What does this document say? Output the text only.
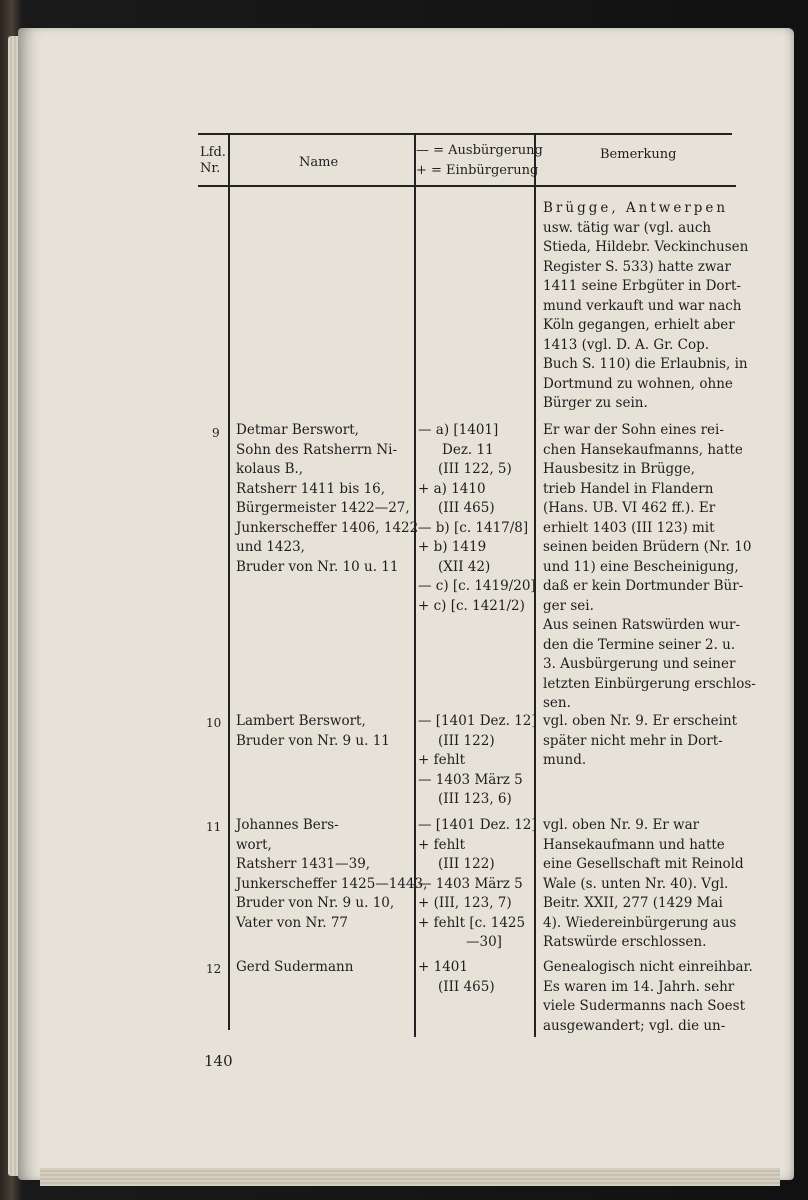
Lfd.
Nr.	Name
— = Ausbürgerung
+ = Einbürgerung
Bemerkung
Brügge, Antwerpen
usw. tätig war (vgl. auch
Stieda, Hildebr. Veckinchusen
Register S. 533) hatte zwar
1411 seine Erbgüter in Dort-
mund verkauft und war nach
Köln gegangen, erhielt aber
1413 (vgl. D. A. Gr. Cop.
Buch S. 110) die Erlaubnis, in
Dortmund zu wohnen, ohne
Bürger zu sein.
9 Detmar Berswort,
Sohn des Ratsherrn Ni-
kolaus B.,
Ratsherr 1411 bis 16,
Bürgermeister 1422—27,
Junkerscheffer 1406, 1422
und 1423,
Bruder von Nr. 10 u. 11
— a) [1401]
Dez. 11
(III 122, 5)
+ a) 1410
(III 465)
— b) [c. 1417/8]
+ b) 1419
(XII 42)
— c) [c. 1419/20]
+ c) [c. 1421/2)
Er war der Sohn eines rei-
chen Hansekaufmanns, hatte
Hausbesitz in Brügge,
trieb Handel in Flandern
(Hans. UB. VI 462 ff.). Er
erhielt 1403 (III 123) mit
seinen beiden Brüdern (Nr. 10
und 11) eine Bescheinigung,
daß er kein Dortmunder Bür-
ger sei.
Aus seinen Ratswürden wur-
den die Termine seiner 2. u.
3. Ausbürgerung und seiner
letzten Einbürgerung erschlos-
sen.
10 Lambert Berswort,
Bruder von Nr. 9 u. 11
— [1401 Dez. 12]
(III 122)
+ fehlt
— 1403 März 5
(III 123, 6)
vgl. oben Nr. 9. Er erscheint
später nicht mehr in Dort-
mund.
11 Johannes Bers-
wort,
Ratsherr 1431—39,
Junkerscheffer 1425—1443,
Bruder von Nr. 9 u. 10,
Vater von Nr. 77
— [1401 Dez. 12]
+ fehlt
(III 122)
— 1403 März 5
+ (III, 123, 7)
+ fehlt [c. 1425
—30]
vgl. oben Nr. 9. Er war
Hansekaufmann und hatte
eine Gesellschaft mit Reinold
Wale (s. unten Nr. 40). Vgl.
Beitr. XXII, 277 (1429 Mai
4). Wiedereinbürgerung aus
Ratswürde erschlossen.
12 Gerd Sudermann	+ 1401
(III 465)
Genealogisch nicht einreihbar.
Es waren im 14. Jahrh. sehr
viele Sudermanns nach Soest
ausgewandert; vgl. die un-
140
